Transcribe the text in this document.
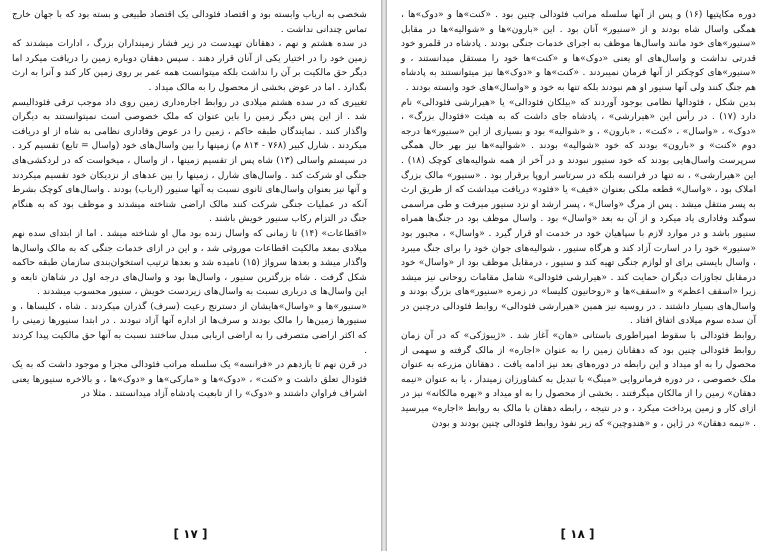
شخصی به ارباب وابسته بود و اقتصاد فئودالی یک اقتصاد طبیعی و بسته بود که با جهان خارج تماس چندانی نداشت .

در سده هشتم و نهم ، دهقانان تهیدست در زیر فشار زمینداران بزرگ ، ادارات میشدند که زمین خود را در اختیار یکی از آنان قرار دهند . سپس دهقان دوباره زمین را دریافت میکرد اما دیگر حق مالکیت بر آن را نداشت بلکه میتوانست همه عمر بر روی زمین کار کند و آنرا به ارث بگذارد . اما در عوض بخشی از محصول را به مالک میداد .

تغییری که در سده هشتم میلادی در روابط اجاره‌داری زمین روی داد موجب ترقی فئودالیسم شد . از این پس دیگر زمین را باین عنوان که ملک خصوصی است نمیتوانستند به دیگران واگذار کنند . نمایندگان طبقه حاکم ، زمین را در عوض وفاداری نظامی به شاه از او دریافت میکردند . شارل کبیر (۷۶۸ - ۸۱۴ م) زمینها را بین واسال‌های خود (واسال = تابع) تقسیم کرد . در سیستم واسالی (۱۳) شاه پس از تقسیم زمینها ، از واسال ، میخواست که در لردکشی‌های جنگی او شرکت کند . واسال‌های شارل ، زمینها را بین عدهای از نزدیکان خود تقسیم میکردند و آنها نیز بعنوان واسال‌های ثانوی نسبت به آنها سنیور (ارباب) بودند . واسال‌های کوچک بشرط آنکه در عملیات جنگی شرکت کنند مالک اراضی شناخته میشدند و موظف بود که به هنگام جنگ در التزام رکاب سنیور خویش باشند .

«اقطاعات» (۱۴) تا زمانی که واسال زنده بود مال او شناخته میشد . اما از ابتدای سده نهم میلادی بمعد مالکیت اقطاعات موروثی شد ، و این در ازای خدمات جنگی که به مالک واسال‌ها واگذار میشد و بعدها سرواژ (۱۵) نامیده شد و بعدها ترتیب استخوان‌بندی سازمان طبقه حاکمه شکل گرفت . شاه بزرگترین سنیور ، واسال‌ها بود و واسال‌های درجه اول در شاهان تابعه و این واسال‌ها ی درباری نسبت به واسال‌های زیردست خویش ، سنیور محسوب میشدند .

«سنیور»ها و «واسال»هایشان از دسترنج رعیت (سرف) گذران میکردند . شاه ، کلیساها ، و سنیورها زمین‌ها را مالک بودند و سرف‌ها از اداره آنها آزاد نبودند . در ابتدا سنیورها زمینی را که اکثر اراضی متصرفی را به اراضی اربابی مبدل ساختند نسبت به آنها حق مالکیت پیدا کردند .

در قرن نهم تا یازدهم در «فرانسه» یک سلسله مراتب فئودالی مجزا و موجود داشت که به یک فئودال تعلق داشت و «کنت» ، «دوک»ها و «مارکی»ها و «دوک»ها ، و بالاخره سنیورها یعنی اشراف فراوان داشتند و «دوک» را از تابعیت پادشاه آزاد میدانستند . مثلا در

[ ۱۷ ]

دوره مکاپتیها (۱۶) و پس از آنها سلسله مراتب فئودالی چنین بود . «کنت»ها و «دوک»ها ، همگی واسال شاه بودند و از «سنیور» آنان بود . این «بارون»ها و «شوالیه»ها در مقابل «سنیور»های خود مانند واسال‌ها موظف به اجرای خدمات جنگی بودند . پادشاه در قلمرو خود قدرتی نداشت و واسال‌های او یعنی «دوک»ها و «کنت»ها خود را مستقل میدانستند ، و «سنیور»های کوچکتر از آنها فرمان نمیبردند . «کنت»ها و «دوک»ها نیز میتوانستند به پادشاه هم جنگ کنند ولی آنها سنیور او هم نبودند بلکه تنها به خود و «واسال»های خود وابسته بودند .

بدین شکل ، فئودالها نظامی بوجود آوردند که «بیلکان فئودالی» یا «هیرارشی فئودالی» نام دارد (۱۷) . در رأس این «هیرارشی» ، پادشاه جای داشت که به هیئت «فئودال بزرگ» ، «دوک» ، «واسال» ، «کنت» ، «بارون» ، و «شوالیه» بود و بسیاری از این «سنیور»ها درجه دوم «کنت» و «بارون» بودند که خود «شوالیه» بودند . «شوالیه»ها نیز بهر حال همگی سرپرست واسال‌هایی بودند که خود سنیور نبودند و در آخر از همه شوالیه‌های کوچک (۱۸) . این «هیرارشی» ، نه تنها در فرانسه بلکه در سرتاسر اروپا برقرار بود . «سنیور» مالک بزرگ املاک بود ، «واسال» قطعه ملکی بعنوان «فیف» یا «فئود» دریافت میداشت که از طریق ارث به پسر منتقل میشد . پس از مرگ «واسال» ، پسر ارشد او نزد سنیور میرفت و طی مراسمی سوگند وفاداری یاد میکرد و از آن به بعد «واسال» بود . واسال موظف بود در جنگ‌ها همراه سنیور باشد و در موارد لازم با سپاهیان خود در خدمت او قرار گیرد . «واسال» ، مجبور بود «سنیور» خود را در اسارت آزاد کند و هرگاه سنیور ، شوالیه‌های جوان خود را برای جنگ میبرد ، واسال بایستی برای او لوازم جنگی تهیه کند و سنیور ، درمقابل موظف بود از «واسال» خود درمقابل تجاوزات دیگران حمایت کند . «هیرارشی فئودالی» شامل مقامات روحانی نیز میشد زیرا «اسقف اعظم» و «اسقف»ها و «روحانیون کلیسا» در زمره «سنیور»های بزرگ بودند و واسال‌های بسیار داشتند . در روسیه نیز همین «هیرارشی فئودالی» روابط فئودالی درچنین در آن سده سوم میلادی اتفاق افتاد .

روابط فئودالی با سقوط امپراطوری باستانی «هان» آغاز شد . «ژیبوژکی» که در آن زمان روابط فئودالی چنین بود که دهقانان زمین را به عنوان «اجاره» از مالک گرفته و سهمی از محصول را به او میداد و این رابطه در دوره‌های بعد نیز ادامه یافت . دهقانان مزرعه به عنوان ملک خصوصی ، در دوره فرمانروایی «مینگ» با تبدیل به کشاورزان زمیندار ، یا به عنوان «نیمه دهقان» زمین را از مالکان میگرفتند . بخشی از محصول را به او میداد و «بهره مالکانه» نیز در ازای کار و زمین پرداخت میکرد ، و در نتیجه ، رابطه دهقان با مالک به روابط «اجاره» میرسید . «نیمه دهقان» در ژاپن ، و «هندوچین» که زیر نفوذ روابط فئودالی چنین بودند و بودن

[ ۱۸ ]
